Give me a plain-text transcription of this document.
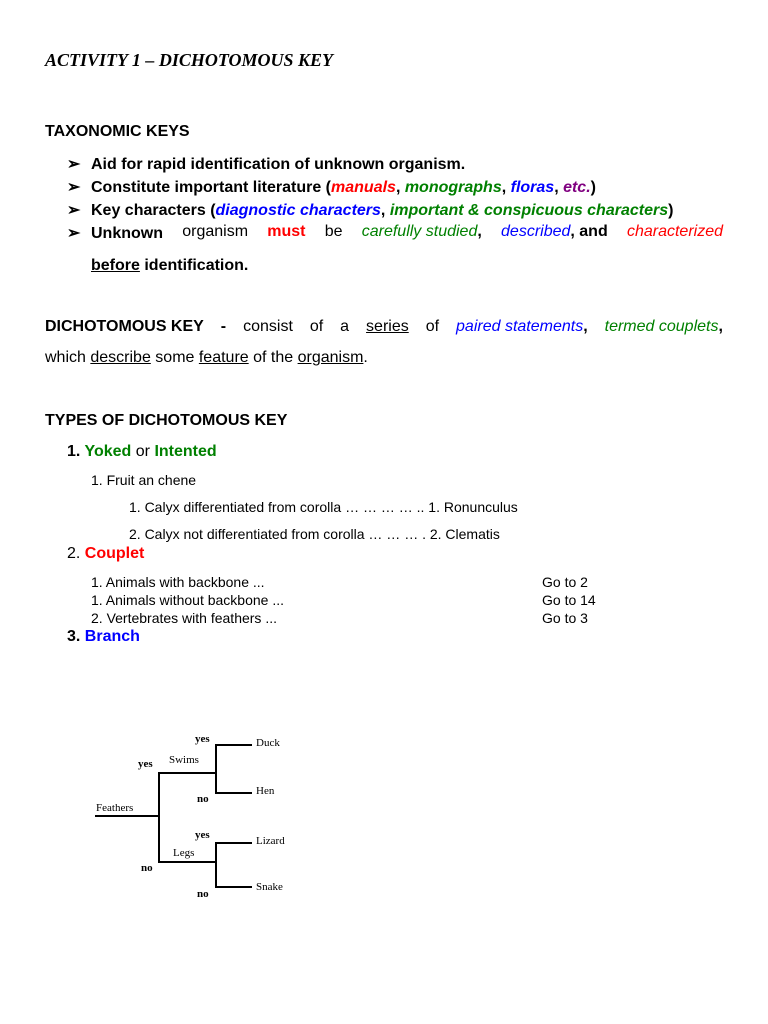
ACTIVITY 1 – DICHOTOMOUS KEY
TAXONOMIC KEYS
➢ Aid for rapid identification of unknown organism.
➢ Constitute important literature (manuals, monographs, floras, etc.)
➢ Key characters (diagnostic characters, important & conspicuous characters)
➢ Unknown organism must be carefully studied, described, and characterized
before identification.
DICHOTOMOUS KEY - consist of a series of paired statements, termed couplets,
which describe some feature of the organism.
TYPES OF DICHOTOMOUS KEY
1. Yoked or Intented
1. Fruit an chene
1. Calyx differentiated from corolla … … … … .. 1. Ronunculus
2. Calyx not differentiated from corolla … … … . 2. Clematis
2. Couplet
1. Animals with backbone ...	Go to 2
1. Animals without backbone ...	Go to 14
2. Vertebrates with feathers ...	Go to 3
3. Branch
Feathers
Swims
Legs
Duck
Hen
Lizard
Snake
yes
no
yes
no
yes
no
